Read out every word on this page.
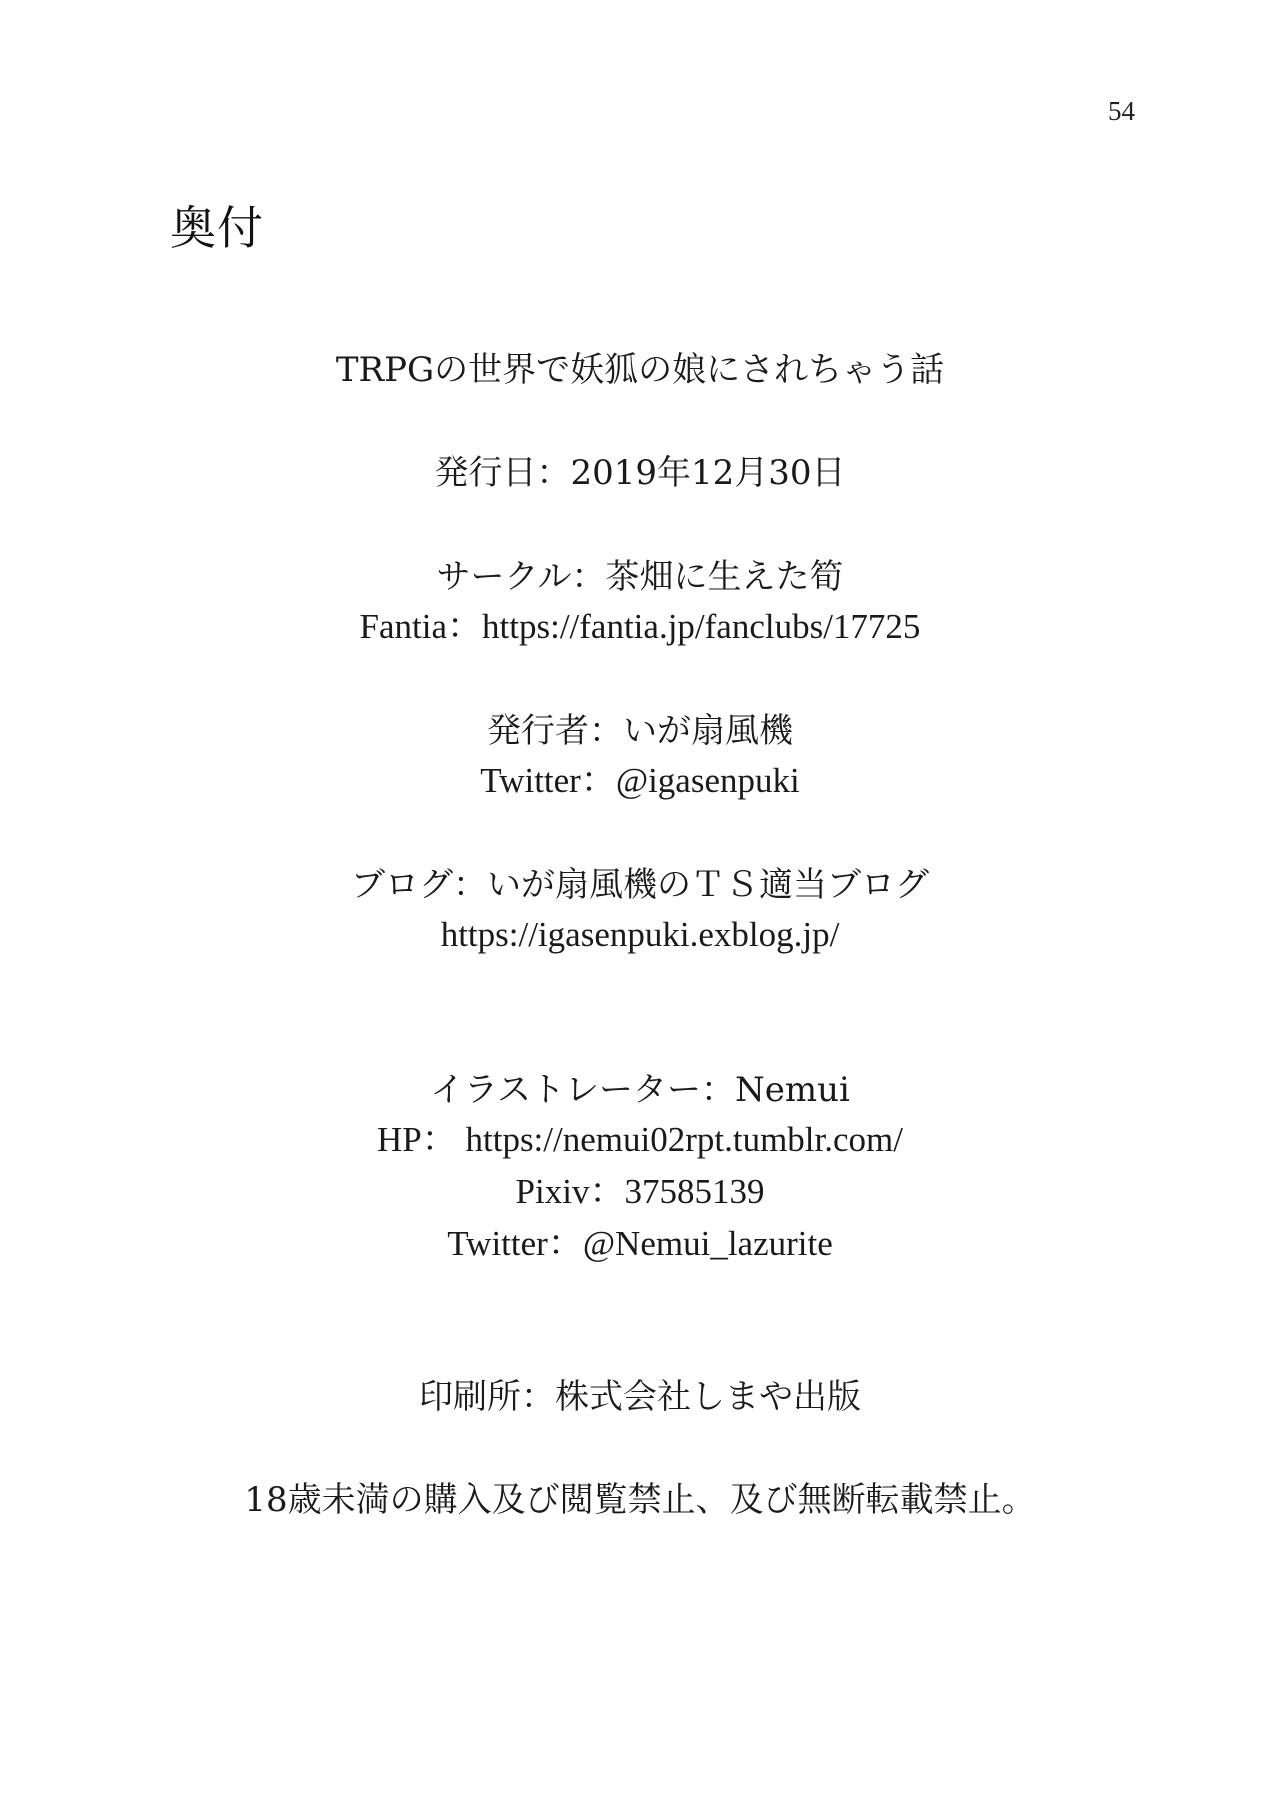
54
奥付
TRPGの世界で妖狐の娘にされちゃう話
発行日：2019年12月30日
サークル：茶畑に生えた筍
Fantia：https://fantia.jp/fanclubs/17725
発行者：いが扇風機
Twitter：@igasenpuki
ブログ：いが扇風機のＴＳ適当ブログ
https://igasenpuki.exblog.jp/
イラストレーター：Nemui
HP： https://nemui02rpt.tumblr.com/
Pixiv：37585139
Twitter：@Nemui_lazurite
印刷所：株式会社しまや出版
18歳未満の購入及び閲覧禁止、及び無断転載禁止。
